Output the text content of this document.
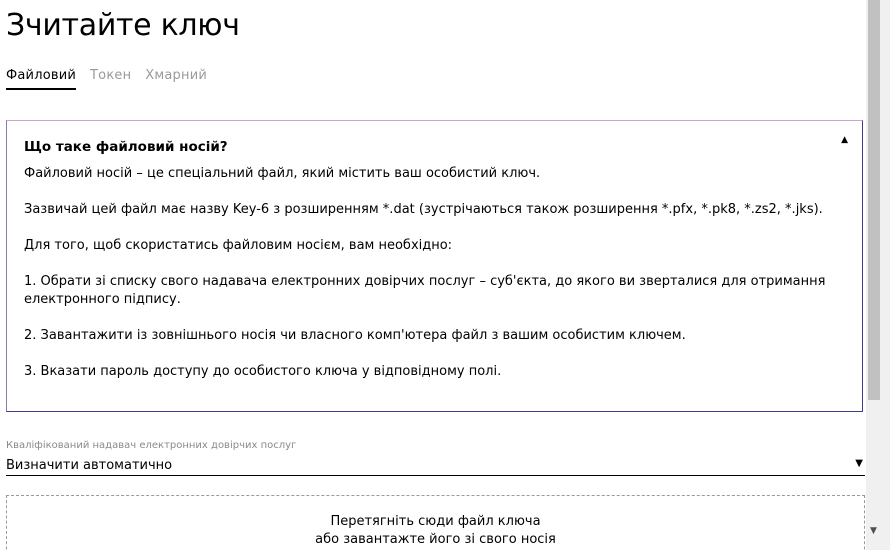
Зчитайте ключ
Файловий Токен Хмарний
Що таке файловий носій?	▲

Файловий носій – це спеціальний файл, який містить ваш особистий ключ.

Зазвичай цей файл має назву Key-6 з розширенням *.dat (зустрічаються також розширення *.pfx, *.pk8, *.zs2, *.jks).

Для того, щоб скористатись файловим носієм, вам необхідно:

1. Обрати зі списку свого надавача електронних довірчих послуг – суб'єкта, до якого ви зверталися для отримання електронного підпису.

2. Завантажити із зовнішнього носія чи власного комп'ютера файл з вашим особистим ключем.

3. Вказати пароль доступу до особистого ключа у відповідному полі.

Кваліфікований надавач електронних довірчих послуг
Визначити автоматично	▼
Перетягніть сюди файл ключа
або завантажте його зі свого носія
▼
